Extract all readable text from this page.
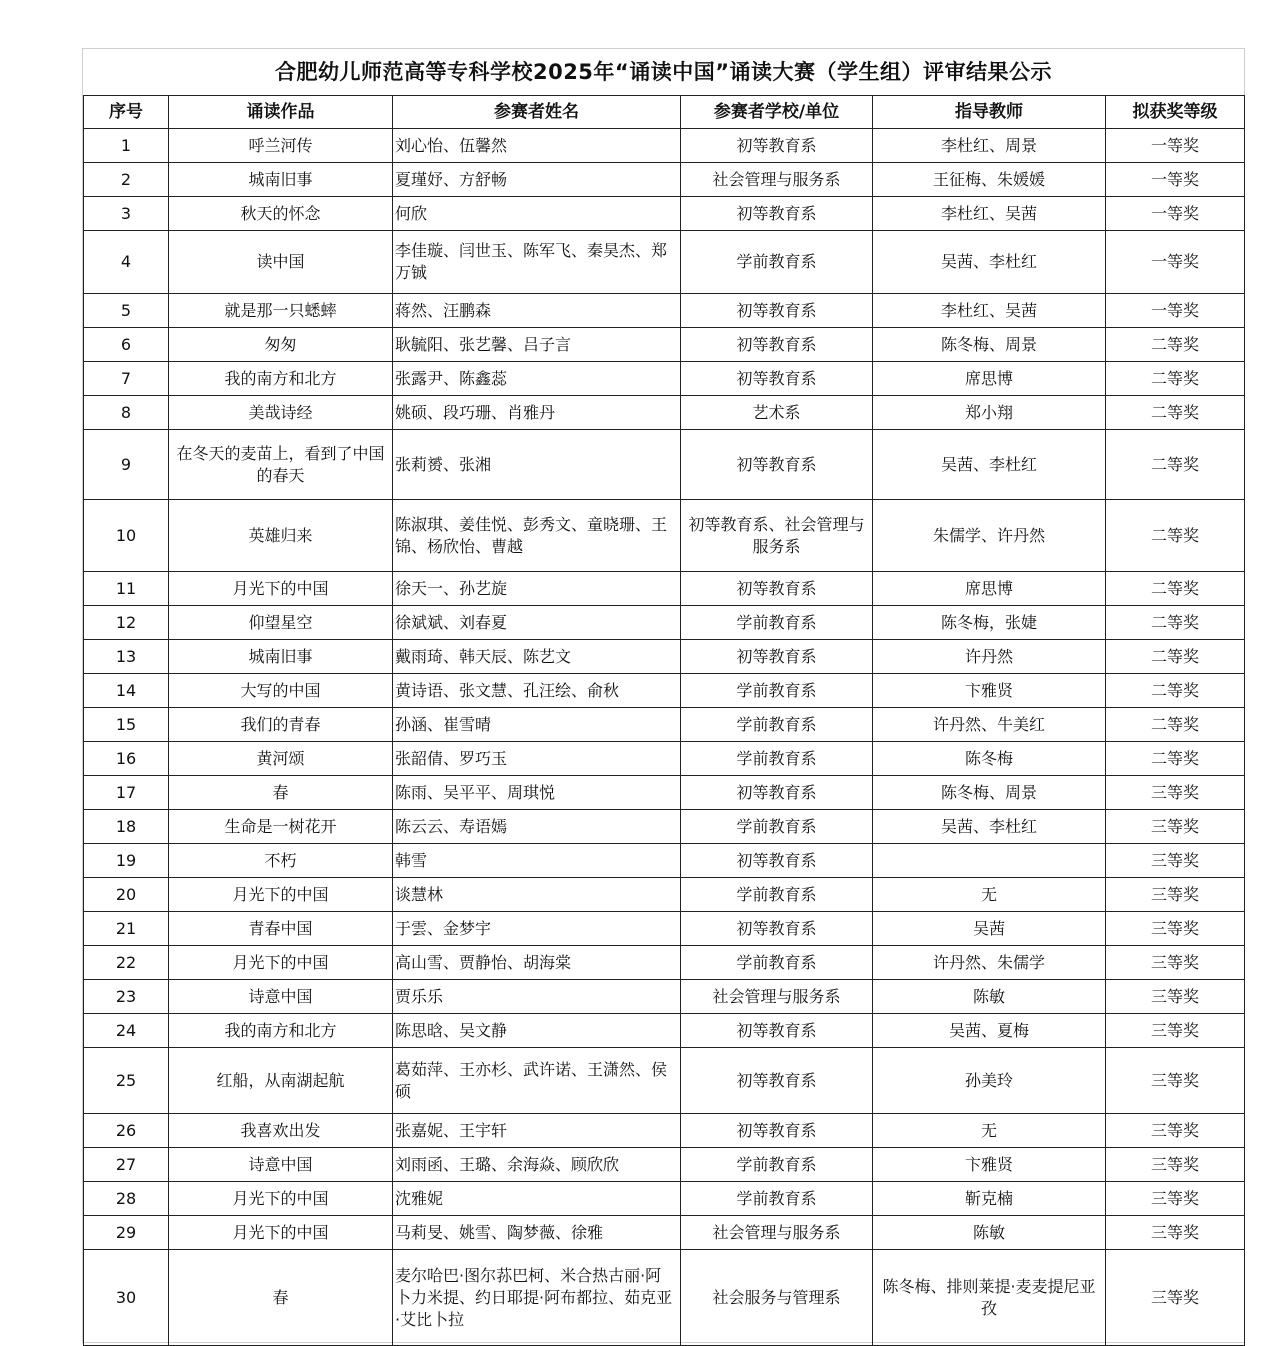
合肥幼儿师范高等专科学校2025年“诵读中国”诵读大赛（学生组）评审结果公示
序号	诵读作品	参赛者姓名	参赛者学校/单位	指导教师	拟获奖等级
1	呼兰河传	刘心怡、伍馨然	初等教育系	李杜红、周景	一等奖
2	城南旧事	夏瑾妤、方舒畅	社会管理与服务系	王征梅、朱媛媛	一等奖
3	秋天的怀念	何欣	初等教育系	李杜红、吴茜	一等奖
4	读中国	李佳璇、闫世玉、陈军飞、秦昊杰、郑万铖	学前教育系	吴茜、李杜红	一等奖
5	就是那一只蟋蟀	蒋然、汪鹏森	初等教育系	李杜红、吴茜	一等奖
6	匆匆	耿毓阳、张艺馨、吕子言	初等教育系	陈冬梅、周景	二等奖
7	我的南方和北方	张露尹、陈鑫蕊	初等教育系	席思博	二等奖
8	美哉诗经	姚硕、段巧珊、肖雅丹	艺术系	郑小翔	二等奖
9	在冬天的麦苗上，看到了中国的春天	张莉赟、张湘	初等教育系	吴茜、李杜红	二等奖
10	英雄归来	陈淑琪、姜佳悦、彭秀文、童晓珊、王锦、杨欣怡、曹越	初等教育系、社会管理与服务系	朱儒学、许丹然	二等奖
11	月光下的中国	徐天一、孙艺旋	初等教育系	席思博	二等奖
12	仰望星空	徐斌斌、刘春夏	学前教育系	陈冬梅，张婕	二等奖
13	城南旧事	戴雨琦、韩天辰、陈艺文	初等教育系	许丹然	二等奖
14	大写的中国	黄诗语、张文慧、孔汪绘、俞秋	学前教育系	卞雅贤	二等奖
15	我们的青春	孙涵、崔雪晴	学前教育系	许丹然、牛美红	二等奖
16	黄河颂	张韶倩、罗巧玉	学前教育系	陈冬梅	二等奖
17	春	陈雨、吴平平、周琪悦	初等教育系	陈冬梅、周景	三等奖
18	生命是一树花开	陈云云、寿语嫣	学前教育系	吴茜、李杜红	三等奖
19	不朽	韩雪	初等教育系		三等奖
20	月光下的中国	谈慧林	学前教育系	无	三等奖
21	青春中国	于雲、金梦宇	初等教育系	吴茜	三等奖
22	月光下的中国	高山雪、贾静怡、胡海棠	学前教育系	许丹然、朱儒学	三等奖
23	诗意中国	贾乐乐	社会管理与服务系	陈敏	三等奖
24	我的南方和北方	陈思晗、吴文静	初等教育系	吴茜、夏梅	三等奖
25	红船，从南湖起航	葛茹萍、王亦杉、武许诺、王潇然、侯硕	初等教育系	孙美玲	三等奖
26	我喜欢出发	张嘉妮、王宇轩	初等教育系	无	三等奖
27	诗意中国	刘雨函、王璐、余海焱、顾欣欣	学前教育系	卞雅贤	三等奖
28	月光下的中国	沈雅妮	学前教育系	靳克楠	三等奖
29	月光下的中国	马莉旻、姚雪、陶梦薇、徐雅	社会管理与服务系	陈敏	三等奖
30	春	麦尔哈巴·图尔荪巴柯、米合热古丽·阿卜力米提、约日耶提·阿布都拉、茹克亚·艾比卜拉	社会服务与管理系	陈冬梅、排则莱提·麦麦提尼亚孜	三等奖
